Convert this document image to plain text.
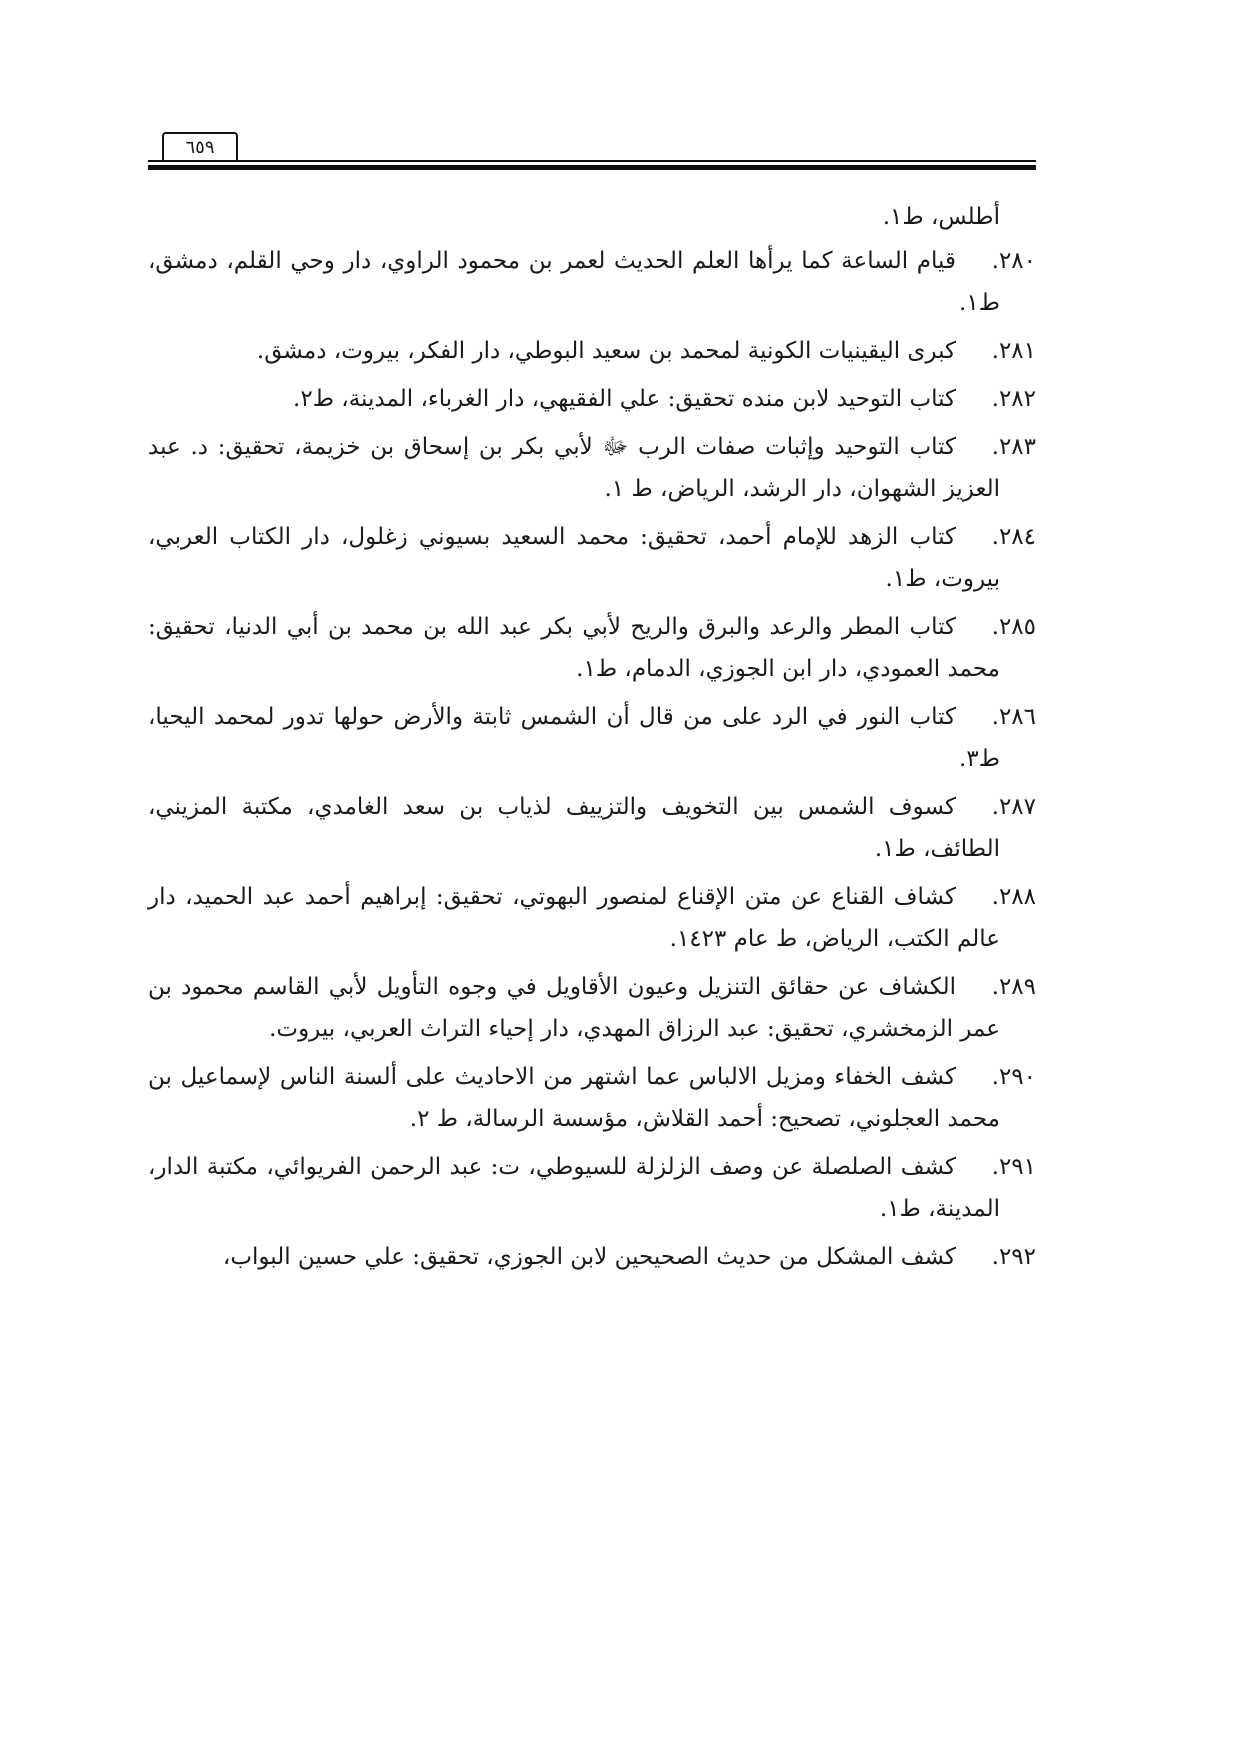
٦٥٩
أطلس، ط١.
٢٨٠.
قيام الساعة كما يرأها العلم الحديث لعمر بن محمود الراوي، دار وحي القلم، دمشق، ط١.
٢٨١.
كبرى اليقينيات الكونية لمحمد بن سعيد البوطي، دار الفكر، بيروت، دمشق.
٢٨٢.
كتاب التوحيد لابن منده تحقيق: علي الفقيهي، دار الغرباء، المدينة، ط٢.
٢٨٣.
كتاب التوحيد وإثبات صفات الرب ﷻ لأبي بكر بن إسحاق بن خزيمة، تحقيق: د. عبد العزيز الشهوان، دار الرشد، الرياض، ط ١.
٢٨٤.
كتاب الزهد للإمام أحمد، تحقيق: محمد السعيد بسيوني زغلول، دار الكتاب العربي، بيروت، ط١.
٢٨٥.
كتاب المطر والرعد والبرق والريح لأبي بكر عبد الله بن محمد بن أبي الدنيا، تحقيق: محمد العمودي، دار ابن الجوزي، الدمام، ط١.
٢٨٦.
كتاب النور في الرد على من قال أن الشمس ثابتة والأرض حولها تدور لمحمد اليحيا، ط٣.
٢٨٧.
كسوف الشمس بين التخويف والتزييف لذياب بن سعد الغامدي، مكتبة المزيني، الطائف، ط١.
٢٨٨.
كشاف القناع عن متن الإقناع لمنصور البهوتي، تحقيق: إبراهيم أحمد عبد الحميد، دار عالم الكتب، الرياض، ط عام ١٤٢٣.
٢٨٩.
الكشاف عن حقائق التنزيل وعيون الأقاويل في وجوه التأويل لأبي القاسم محمود بن عمر الزمخشري، تحقيق: عبد الرزاق المهدي، دار إحياء التراث العربي، بيروت.
٢٩٠.
كشف الخفاء ومزيل الالباس عما اشتهر من الاحاديث على ألسنة الناس لإسماعيل بن محمد العجلوني، تصحيح: أحمد القلاش، مؤسسة الرسالة، ط ٢.
٢٩١.
كشف الصلصلة عن وصف الزلزلة للسيوطي، ت: عبد الرحمن الفريوائي، مكتبة الدار، المدينة، ط١.
٢٩٢.
كشف المشكل من حديث الصحيحين لابن الجوزي، تحقيق: علي حسين البواب،
